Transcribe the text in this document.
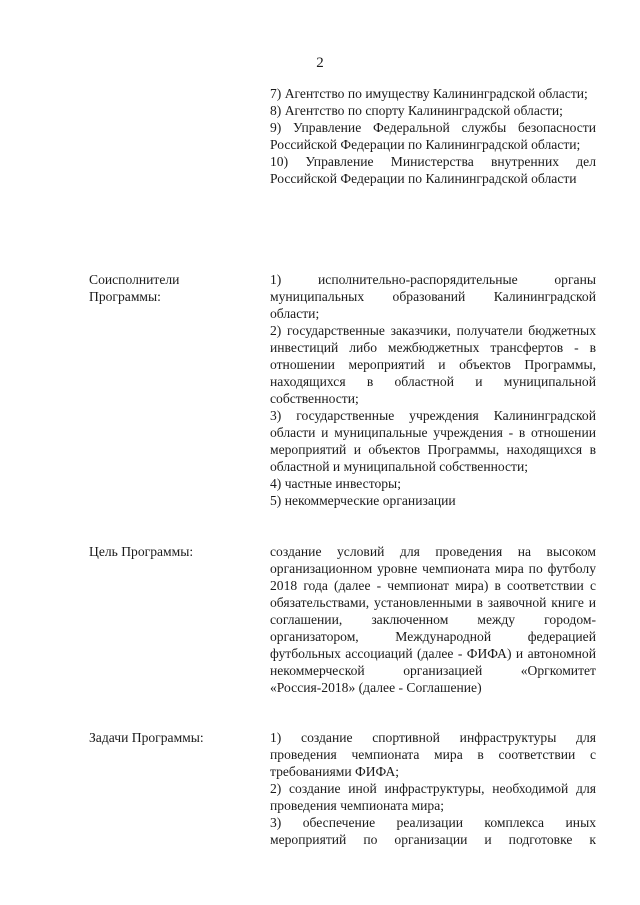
2

7) Агентство по имуществу Калининградской области;

8) Агентство по спорту Калининградской области;

9) Управление Федеральной службы безопасности Российской Федерации по Калининградской области;

10) Управление Министерства внутренних дел Российской Федерации по Калининградской области

Соисполнители
Программы:

1) исполнительно-распорядительные органы муниципальных образований Калининградской области;

2) государственные заказчики, получатели бюджетных инвестиций либо межбюджетных трансфертов - в отношении мероприятий и объектов Программы, находящихся в областной и муниципальной собственности;

3) государственные учреждения Калининградской области и муниципальные учреждения - в отношении мероприятий и объектов Программы, находящихся в областной и муниципальной собственности;

4) частные инвесторы;

5) некоммерческие организации

Цель Программы:	создание условий для проведения на высоком организационном уровне чемпионата мира по футболу 2018 года (далее - чемпионат мира) в соответствии с обязательствами, установленными в заявочной книге и соглашении, заключенном между городом-организатором, Международной федерацией футбольных ассоциаций (далее - ФИФА) и автономной некоммерческой организацией «Оргкомитет «Россия-2018» (далее - Соглашение)

Задачи Программы:	1) создание спортивной инфраструктуры для проведения чемпионата мира в соответствии с требованиями ФИФА;

2) создание иной инфраструктуры, необходимой для проведения чемпионата мира;

3) обеспечение реализации комплекса иных мероприятий по организации и подготовке к
